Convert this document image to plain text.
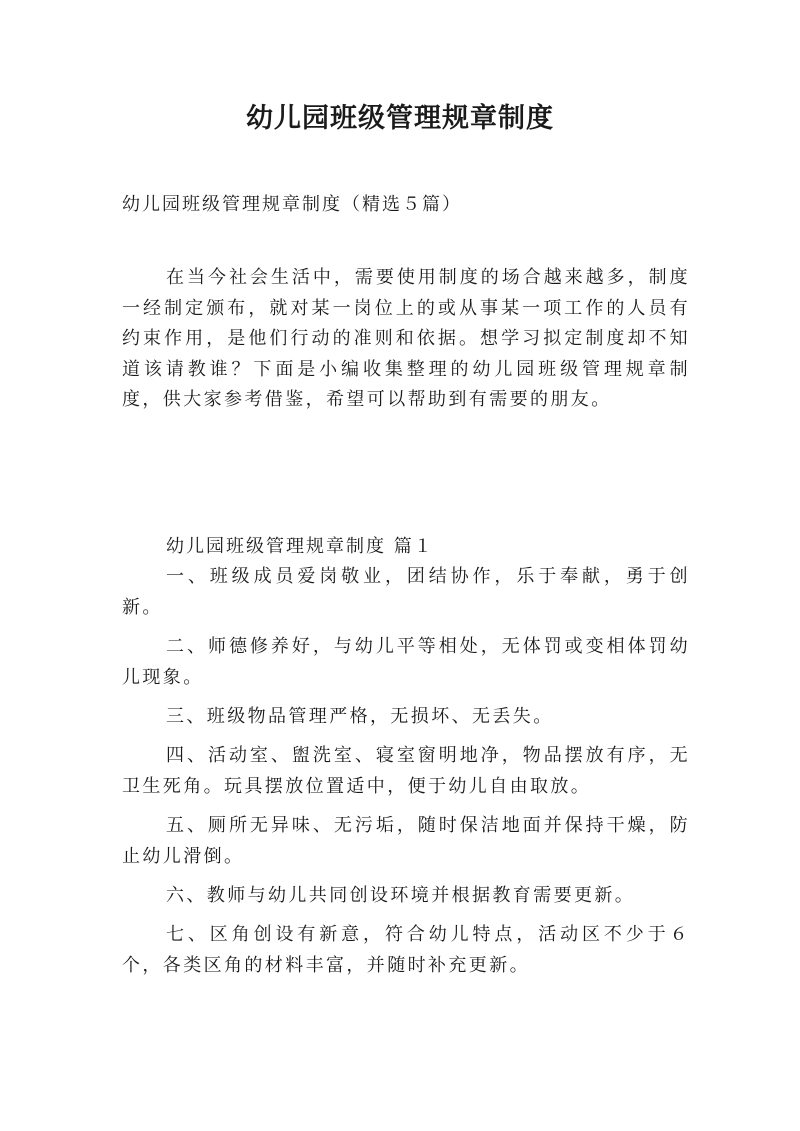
幼儿园班级管理规章制度

幼儿园班级管理规章制度（精选５篇）

在当今社会生活中，需要使用制度的场合越来越多，制度一经制定颁布，就对某一岗位上的或从事某一项工作的人员有约束作用，是他们行动的准则和依据。想学习拟定制度却不知道该请教谁？下面是小编收集整理的幼儿园班级管理规章制度，供大家参考借鉴，希望可以帮助到有需要的朋友。

幼儿园班级管理规章制度 篇１

一、班级成员爱岗敬业，团结协作，乐于奉献，勇于创新。
二、师德修养好，与幼儿平等相处，无体罚或变相体罚幼儿现象。
三、班级物品管理严格，无损坏、无丢失。
四、活动室、盥洗室、寝室窗明地净，物品摆放有序，无卫生死角。玩具摆放位置适中，便于幼儿自由取放。
五、厕所无异味、无污垢，随时保洁地面并保持干燥，防止幼儿滑倒。
六、教师与幼儿共同创设环境并根据教育需要更新。
七、区角创设有新意，符合幼儿特点，活动区不少于６个，各类区角的材料丰富，并随时补充更新。
